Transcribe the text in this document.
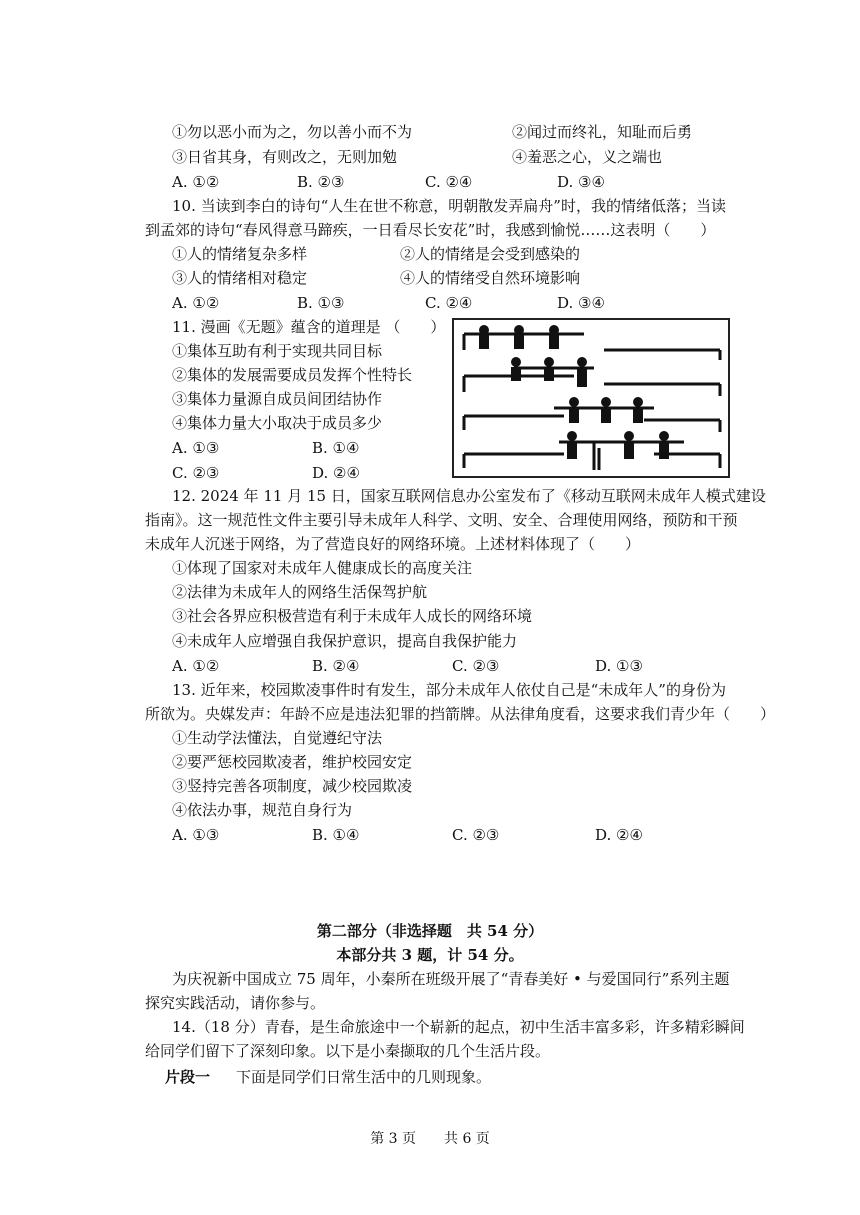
①勿以恶小而为之，勿以善小而不为	②闻过而终礼，知耻而后勇
③日省其身，有则改之，无则加勉	④羞恶之心，义之端也
A. ①②	B. ②③	C. ②④	D. ③④
10. 当读到李白的诗句“人生在世不称意，明朝散发弄扁舟”时，我的情绪低落；当读
到孟郊的诗句“春风得意马蹄疾，一日看尽长安花”时，我感到愉悦……这表明（　　）
①人的情绪复杂多样	②人的情绪是会受到感染的
③人的情绪相对稳定	④人的情绪受自然环境影响
A. ①②	B. ①③	C. ②④	D. ③④
11. 漫画《无题》蕴含的道理是 （　　）
①集体互助有利于实现共同目标
②集体的发展需要成员发挥个性特长
③集体力量源自成员间团结协作
④集体力量大小取决于成员多少
A. ①③	B. ①④
C. ②③	D. ②④
12. 2024 年 11 月 15 日，国家互联网信息办公室发布了《移动互联网未成年人模式建设
指南》。这一规范性文件主要引导未成年人科学、文明、安全、合理使用网络，预防和干预
未成年人沉迷于网络，为了营造良好的网络环境。上述材料体现了（　　）
①体现了国家对未成年人健康成长的高度关注
②法律为未成年人的网络生活保驾护航
③社会各界应积极营造有利于未成年人成长的网络环境
④未成年人应增强自我保护意识，提高自我保护能力
A. ①②	B. ②④	C. ②③	D. ①③
13. 近年来，校园欺凌事件时有发生，部分未成年人依仗自己是“未成年人”的身份为
所欲为。央媒发声：年龄不应是违法犯罪的挡箭牌。从法律角度看，这要求我们青少年（　　）
①生动学法懂法，自觉遵纪守法
②要严惩校园欺凌者，维护校园安定
③竖持完善各项制度，减少校园欺凌
④依法办事，规范自身行为
A. ①③	B. ①④	C. ②③	D. ②④
第二部分（非选择题　共 54 分）
本部分共 3 题，计 54 分。
为庆祝新中国成立 75 周年，小秦所在班级开展了“青春美好 • 与爱国同行”系列主题
探究实践活动，请你参与。
14.（18 分）青春，是生命旅途中一个崭新的起点，初中生活丰富多彩，许多精彩瞬间
给同学们留下了深刻印象。以下是小秦撷取的几个生活片段。
片段一 下面是同学们日常生活中的几则现象。
第 3 页　　共 6 页
